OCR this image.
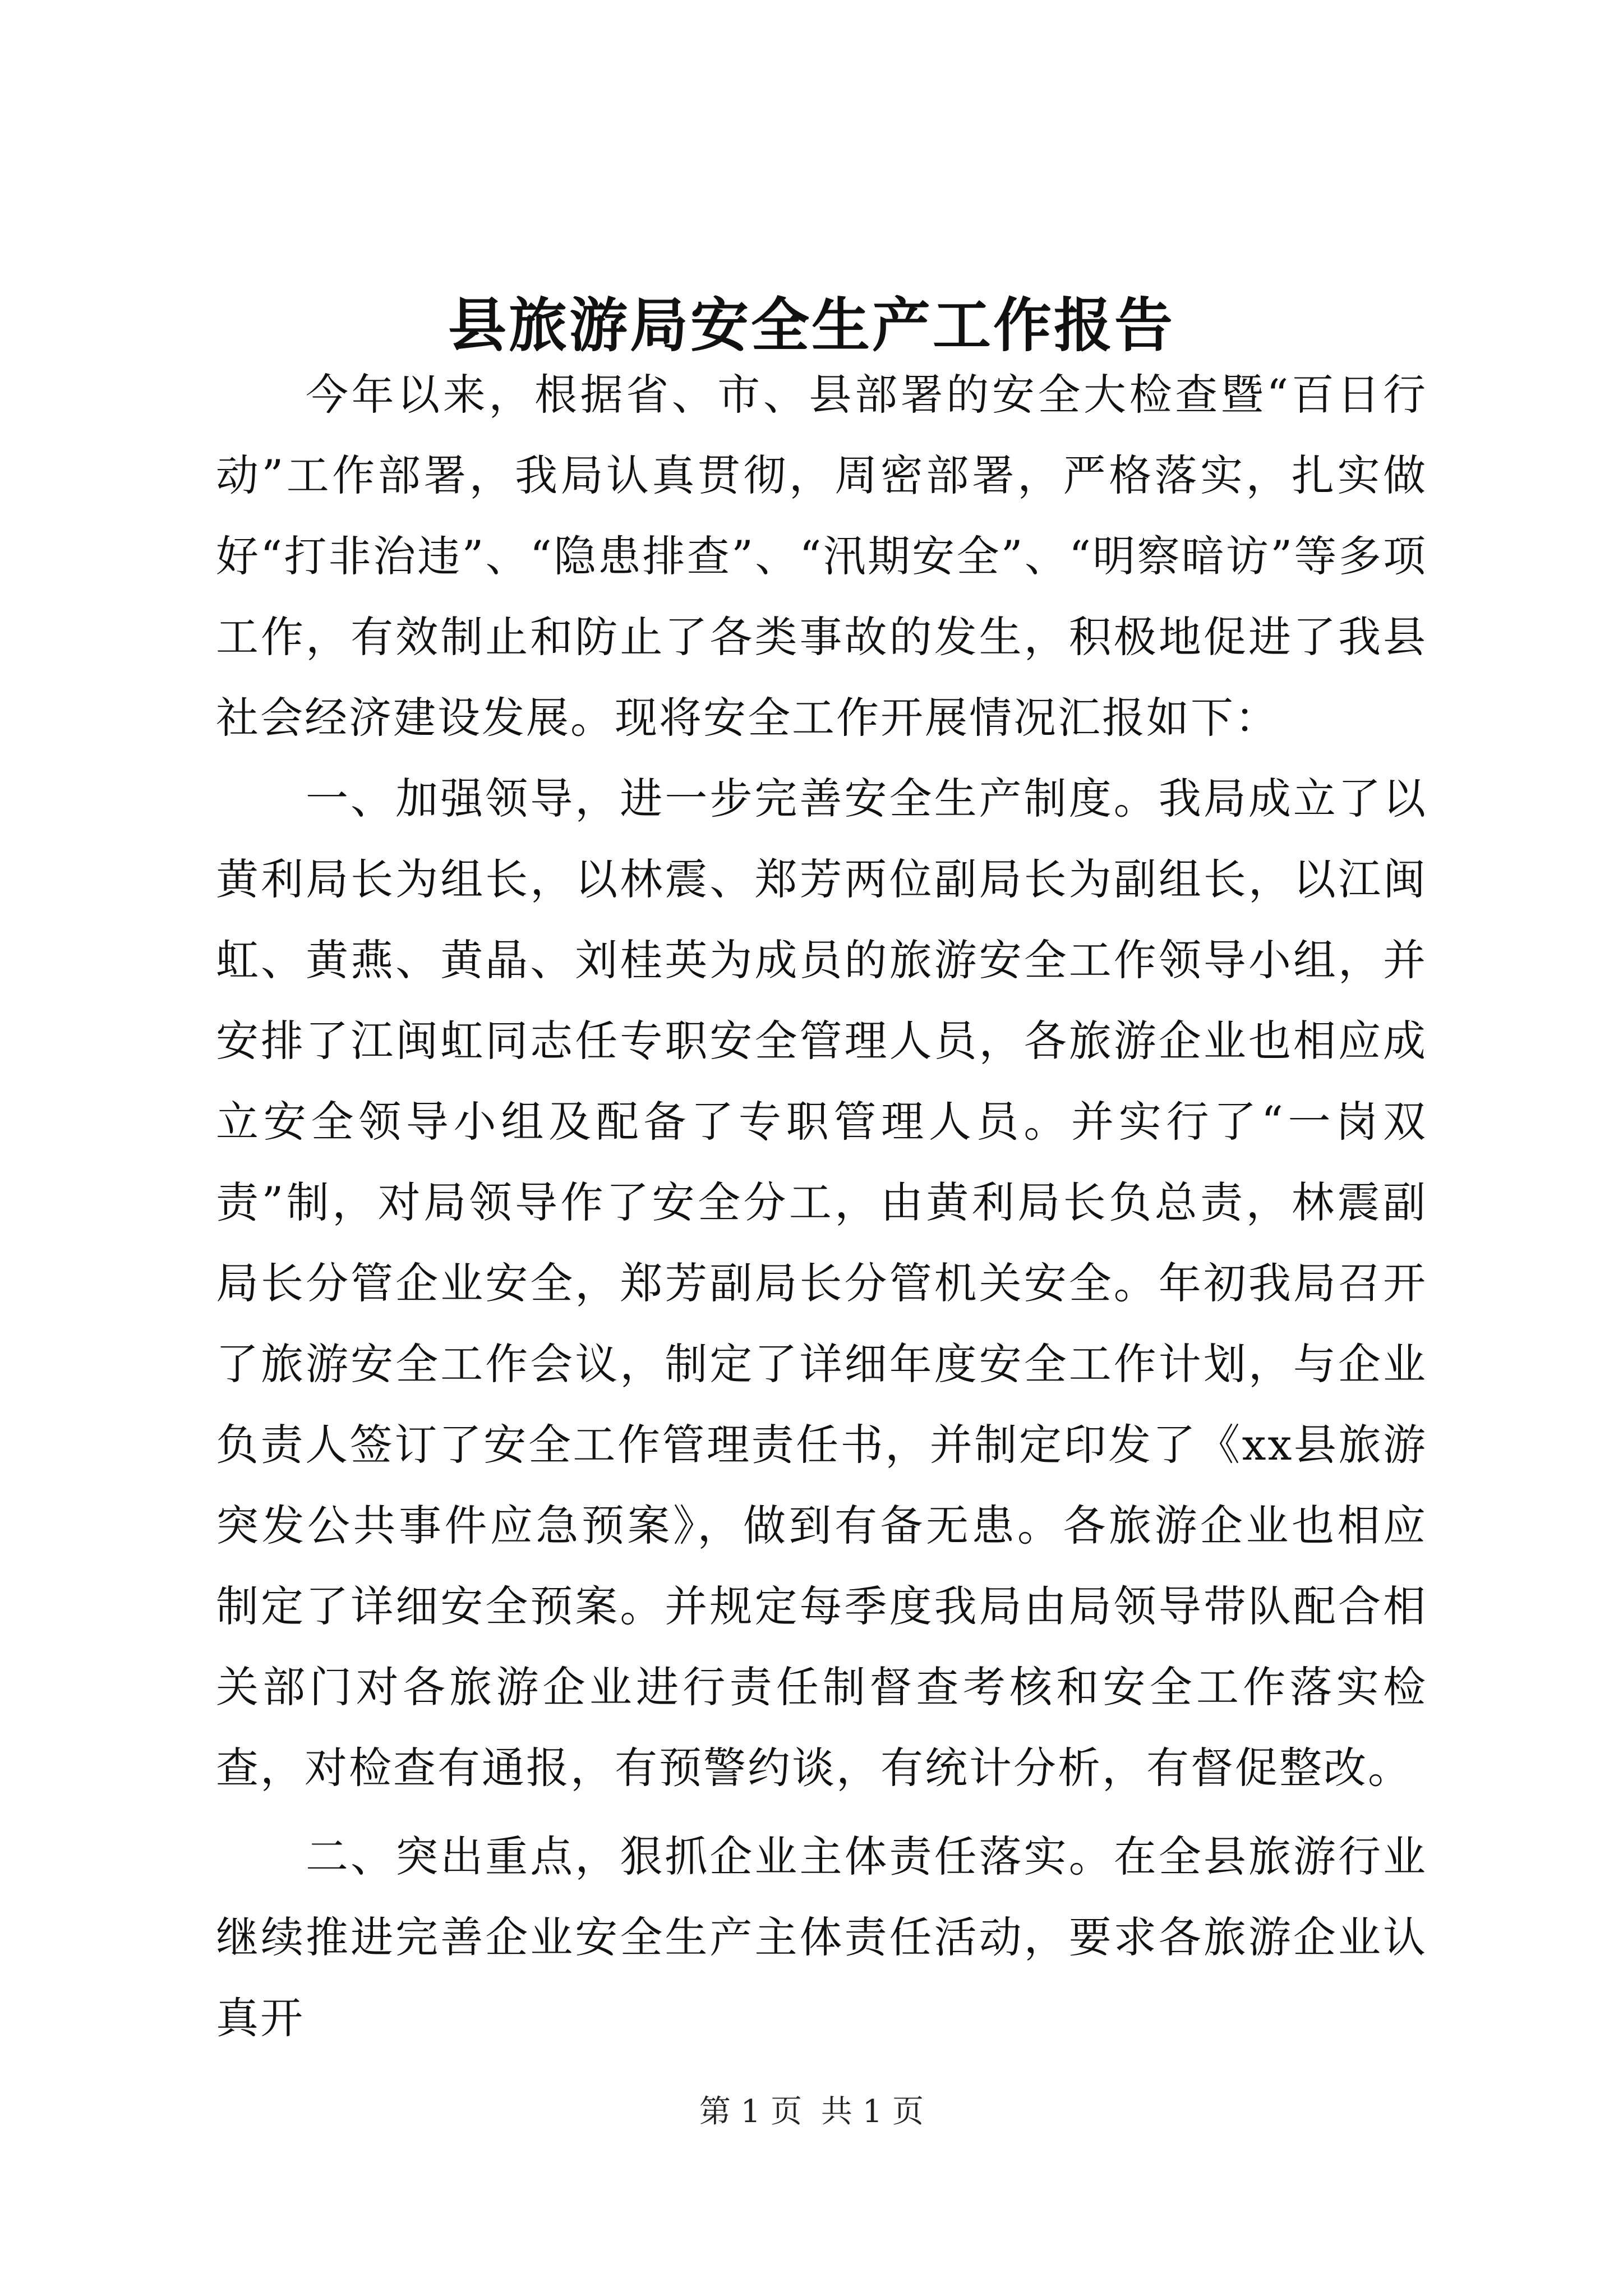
县旅游局安全生产工作报告

今年以来，根据省、市、县部署的安全大检查暨“百日行动”工作部署，我局认真贯彻，周密部署，严格落实，扎实做好“打非治违”、“隐患排查”、“汛期安全”、“明察暗访”等多项工作，有效制止和防止了各类事故的发生，积极地促进了我县社会经济建设发展。现将安全工作开展情况汇报如下：

一、加强领导，进一步完善安全生产制度。我局成立了以黄利局长为组长，以林震、郑芳两位副局长为副组长，以江闽虹、黄燕、黄晶、刘桂英为成员的旅游安全工作领导小组，并安排了江闽虹同志任专职安全管理人员，各旅游企业也相应成立安全领导小组及配备了专职管理人员。并实行了“一岗双责”制，对局领导作了安全分工，由黄利局长负总责，林震副局长分管企业安全，郑芳副局长分管机关安全。年初我局召开了旅游安全工作会议，制定了详细年度安全工作计划，与企业负责人签订了安全工作管理责任书，并制定印发了《xx县旅游突发公共事件应急预案》，做到有备无患。各旅游企业也相应制定了详细安全预案。并规定每季度我局由局领导带队配合相关部门对各旅游企业进行责任制督查考核和安全工作落实检查，对检查有通报，有预警约谈，有统计分析，有督促整改。

二、突出重点，狠抓企业主体责任落实。在全县旅游行业继续推进完善企业安全生产主体责任活动，要求各旅游企业认真开

第 1 页 共 1 页
